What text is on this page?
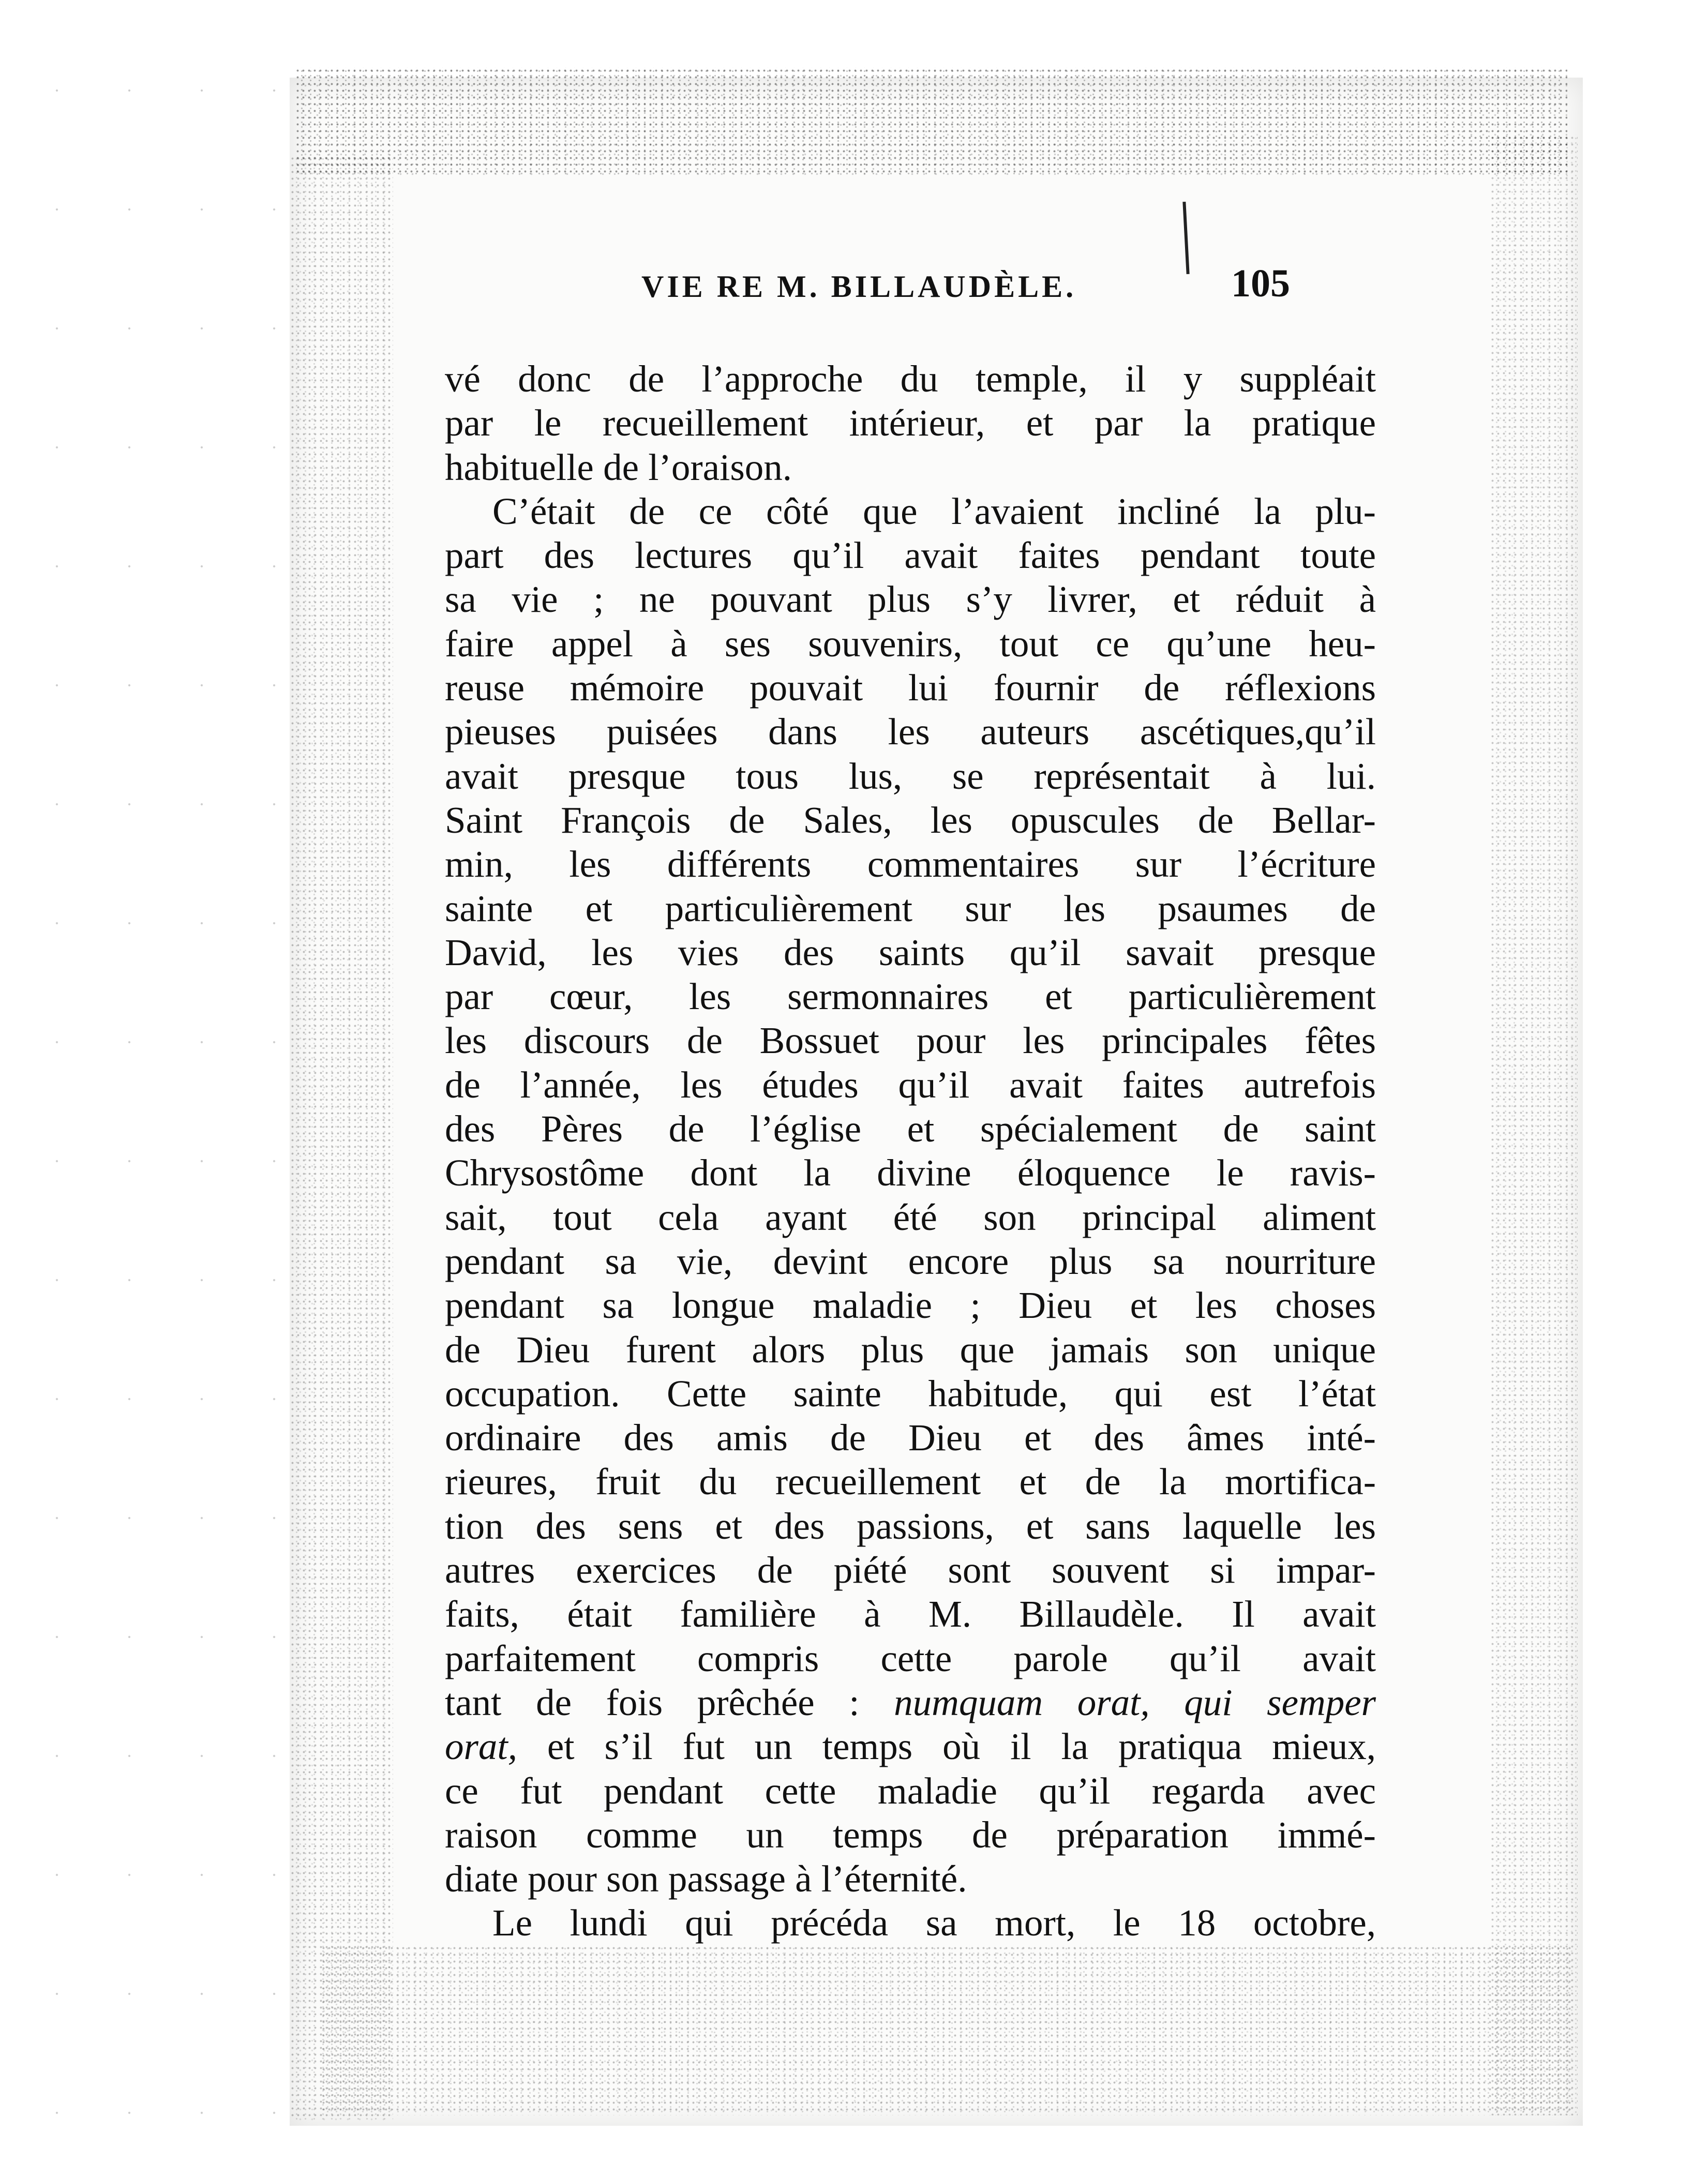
VIE RE M. BILLAUDÈLE.	105
vé donc de l’approche du temple, il y suppléait
par le recueillement intérieur, et par la pratique
habituelle de l’oraison.
C’était de ce côté que l’avaient incliné la plu-
part des lectures qu’il avait faites pendant toute
sa vie ; ne pouvant plus s’y livrer, et réduit à
faire appel à ses souvenirs, tout ce qu’une heu-
reuse mémoire pouvait lui fournir de réflexions
pieuses puisées dans les auteurs ascétiques,qu’il
avait presque tous lus, se représentait à lui.
Saint François de Sales, les opuscules de Bellar-
min, les différents commentaires sur l’écriture
sainte et particulièrement sur les psaumes de
David, les vies des saints qu’il savait presque
par cœur, les sermonnaires et particulièrement
les discours de Bossuet pour les principales fêtes
de l’année, les études qu’il avait faites autrefois
des Pères de l’église et spécialement de saint
Chrysostôme dont la divine éloquence le ravis-
sait, tout cela ayant été son principal aliment
pendant sa vie, devint encore plus sa nourriture
pendant sa longue maladie ; Dieu et les choses
de Dieu furent alors plus que jamais son unique
occupation. Cette sainte habitude, qui est l’état
ordinaire des amis de Dieu et des âmes inté-
rieures, fruit du recueillement et de la mortifica-
tion des sens et des passions, et sans laquelle les
autres exercices de piété sont souvent si impar-
faits, était familière à M. Billaudèle. Il avait
parfaitement compris cette parole qu’il avait
tant de fois prêchée : numquam orat, qui semper
orat, et s’il fut un temps où il la pratiqua mieux,
ce fut pendant cette maladie qu’il regarda avec
raison comme un temps de préparation immé-
diate pour son passage à l’éternité.
Le lundi qui précéda sa mort, le 18 octobre,
